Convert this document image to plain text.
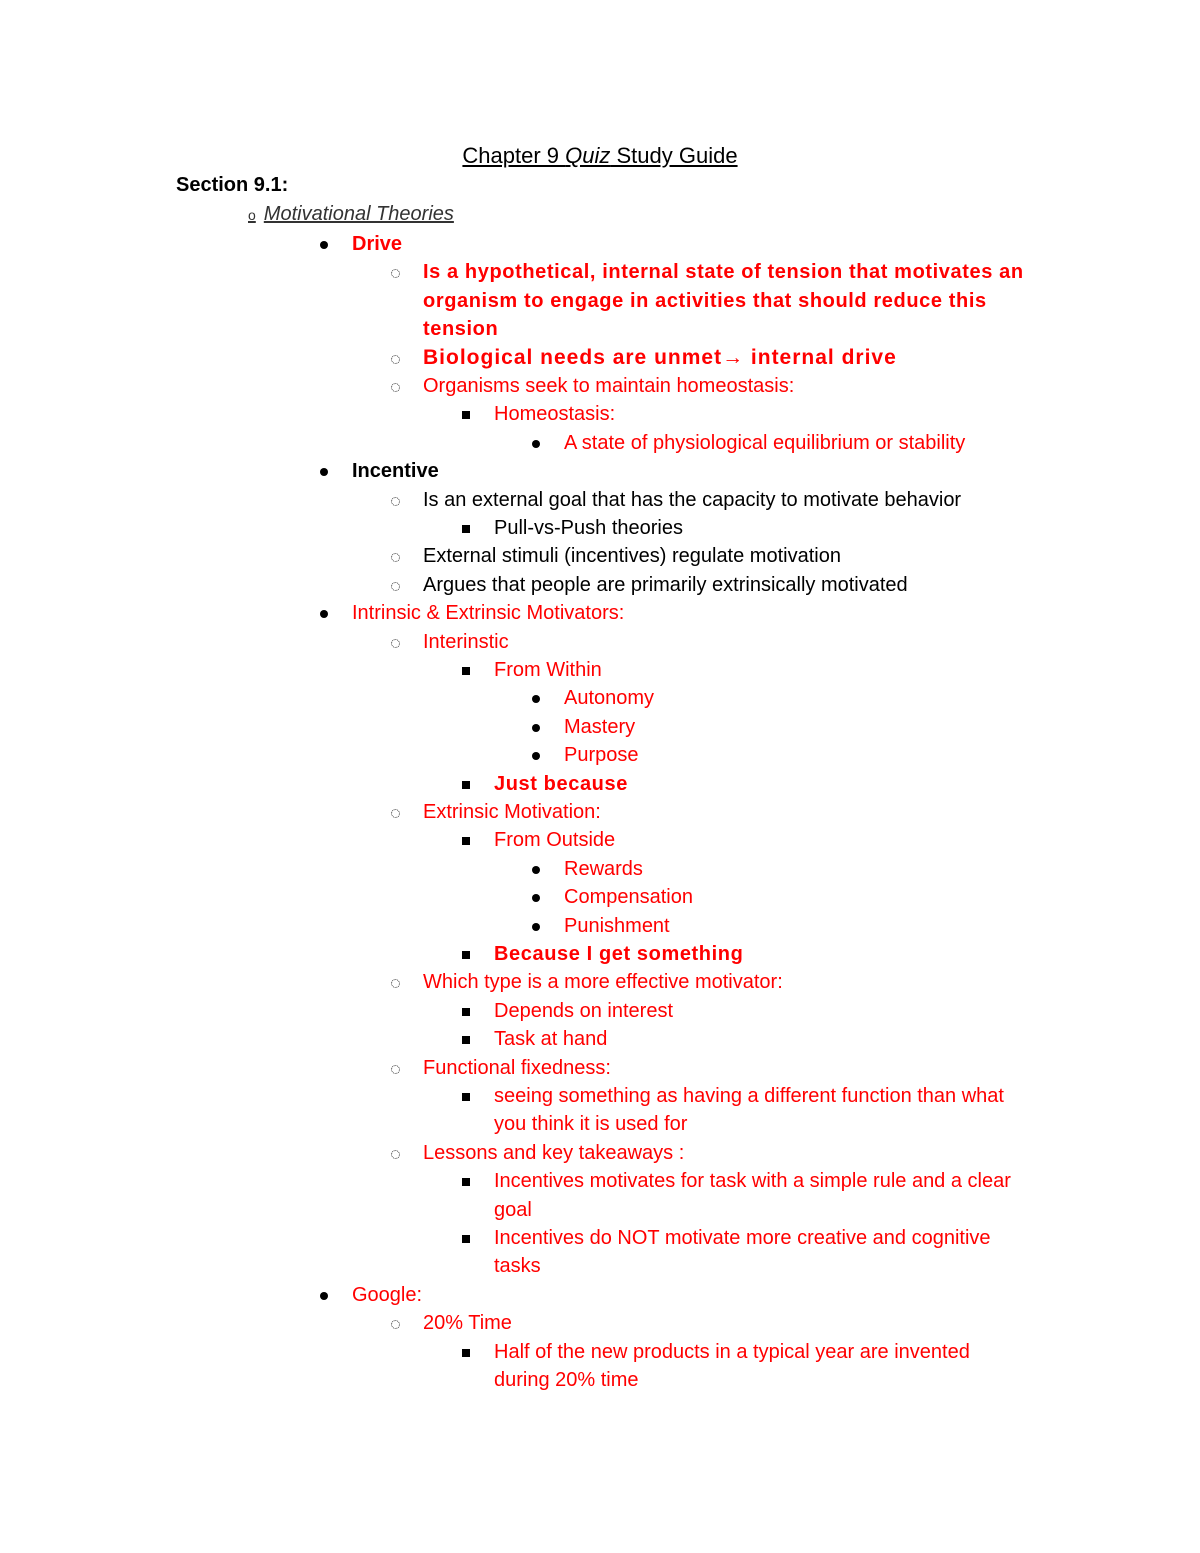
Chapter 9 Quiz Study Guide
Section 9.1:
o Motivational Theories
Drive
Is a hypothetical, internal state of tension that motivates an
organism to engage in activities that should reduce this
tension
Biological needs are unmet→ internal drive
Organisms seek to maintain homeostasis:
Homeostasis:
A state of physiological equilibrium or stability
Incentive
Is an external goal that has the capacity to motivate behavior
Pull-vs-Push theories
External stimuli (incentives) regulate motivation
Argues that people are primarily extrinsically motivated
Intrinsic & Extrinsic Motivators:
Interinstic
From Within
Autonomy
Mastery
Purpose
Just because
Extrinsic Motivation:
From Outside
Rewards
Compensation
Punishment
Because I get something
Which type is a more effective motivator:
Depends on interest
Task at hand
Functional fixedness:
seeing something as having a different function than what
you think it is used for
Lessons and key takeaways :
Incentives motivates for task with a simple rule and a clear
goal
Incentives do NOT motivate more creative and cognitive
tasks
Google:
20% Time
Half of the new products in a typical year are invented
during 20% time
